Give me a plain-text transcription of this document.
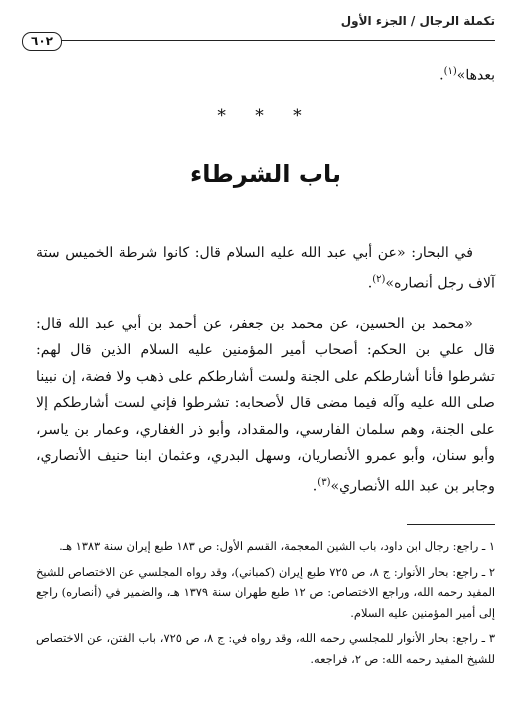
تكملة الرجال / الجزء الأول
٦٠٢
بعدها»$^{(١)}$.
* * *
باب الشرطاء

في البحار: «عن أبي عبد الله عليه السلام قال: كانوا شرطة الخميس ستة آلاف رجل أنصاره»$^{(٢)}$.

«محمد بن الحسين، عن محمد بن جعفر، عن أحمد بن أبي عبد الله قال: قال علي بن الحكم: أصحاب أمير المؤمنين عليه السلام الذين قال لهم: تشرطوا فأنا أشارطكم على الجنة ولست أشارطكم على ذهب ولا فضة، إن نبينا صلى الله عليه وآله فيما مضى قال لأصحابه: تشرطوا فإني لست أشارطكم إلا على الجنة، وهم سلمان الفارسي، والمقداد، وأبو ذر الغفاري، وعمار بن ياسر، وأبو سنان، وأبو عمرو الأنصاريان، وسهل البدري، وعثمان ابنا حنيف الأنصاري، وجابر بن عبد الله الأنصاري»$^{(٣)}$.

١ ـ راجع: رجال ابن داود، باب الشين المعجمة، القسم الأول: ص ١٨٣ طبع إيران سنة ١٣٨٣ هـ.

٢ ـ راجع: بحار الأنوار: ج ٨، ص ٧٢٥ طبع إيران (كمباني)، وقد رواه المجلسي عن الاختصاص للشيخ المفيد رحمه الله، وراجع الاختصاص: ص ١٢ طبع طهران سنة ١٣٧٩ هـ، والضمير في (أنصاره) راجع إلى أمير المؤمنين عليه السلام.

٣ ـ راجع: بحار الأنوار للمجلسي رحمه الله، وقد رواه في: ج ٨، ص ٧٢٥، باب الفتن، عن الاختصاص للشيخ المفيد رحمه الله: ص ٢، فراجعه.
